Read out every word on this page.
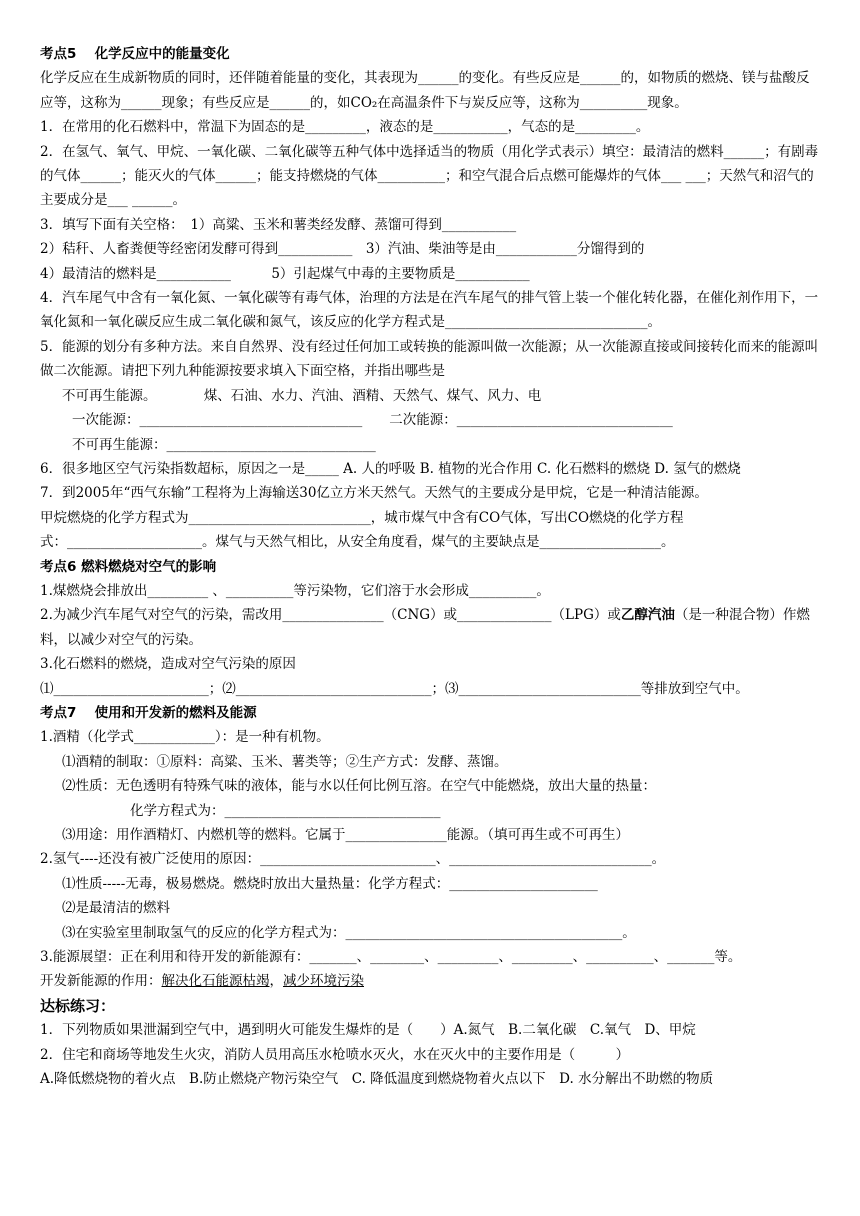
考点5　 化学反应中的能量变化

化学反应在生成新物质的同时，还伴随着能量的变化，其表现为______的变化。有些反应是______的，如物质的燃烧、镁与盐酸反应等，这称为______现象；有些反应是______的，如CO₂在高温条件下与炭反应等，这称为__________现象。

1．在常用的化石燃料中，常温下为固态的是_________，液态的是___________，气态的是_________。

2．在氢气、氧气、甲烷、一氧化碳、二氧化碳等五种气体中选择适当的物质（用化学式表示）填空：最清洁的燃料______；有剧毒的气体______；能灭火的气体______；能支持燃烧的气体__________；和空气混合后点燃可能爆炸的气体___ ___；天然气和沼气的主要成分是___ ______。

3．填写下面有关空格：　1）高粱、玉米和薯类经发酵、蒸馏可得到___________

2）秸秆、人畜粪便等经密闭发酵可得到___________　3）汽油、柴油等是由____________分馏得到的

4）最清洁的燃料是___________　　　5）引起煤气中毒的主要物质是___________

4．汽车尾气中含有一氧化氮、一氧化碳等有毒气体，治理的方法是在汽车尾气的排气管上装一个催化转化器，在催化剂作用下，一氧化氮和一氧化碳反应生成二氧化碳和氮气，该反应的化学方程式是______________________________。

5．能源的划分有多种方法。来自自然界、没有经过任何加工或转换的能源叫做一次能源；从一次能源直接或间接转化而来的能源叫做二次能源。请把下列九种能源按要求填入下面空格，并指出哪些是

不可再生能源。　　　　煤、石油、水力、汽油、酒精、天然气、煤气、风力、电

一次能源：_________________________________　　二次能源：________________________________

不可再生能源：_______________________________

6．很多地区空气污染指数超标，原因之一是_____ A. 人的呼吸 B. 植物的光合作用 C. 化石燃料的燃烧 D. 氢气的燃烧

7．到2005年“西气东输”工程将为上海输送30亿立方米天然气。天然气的主要成分是甲烷，它是一种清洁能源。

甲烷燃烧的化学方程式为___________________________，城市煤气中含有CO气体，写出CO燃烧的化学方程

式：____________________。煤气与天然气相比，从安全角度看，煤气的主要缺点是__________________。

考点6 燃料燃烧对空气的影响

1.煤燃烧会排放出_________ 、__________等污染物，它们溶于水会形成__________。

2.为减少汽车尾气对空气的污染，需改用_______________（CNG）或______________（LPG）或乙醇汽油（是一种混合物）作燃料，以减少对空气的污染。

3.化石燃料的燃烧，造成对空气污染的原因

⑴_______________________；⑵_____________________________；⑶___________________________等排放到空气中。

考点7　 使用和开发新的燃料及能源

1.酒精（化学式____________）：是一种有机物。

⑴酒精的制取：①原料：高粱、玉米、薯类等；②生产方式：发酵、蒸馏。

⑵性质：无色透明有特殊气味的液体，能与水以任何比例互溶。在空气中能燃烧，放出大量的热量：

化学方程式为：________________________________

⑶用途：用作酒精灯、内燃机等的燃料。它属于_______________能源。（填可再生或不可再生）

2.氢气----还没有被广泛使用的原因：__________________________、______________________________。

⑴性质-----无毒，极易燃烧。燃烧时放出大量热量：化学方程式：______________________

⑵是最清洁的燃料

⑶在实验室里制取氢气的反应的化学方程式为：_________________________________________。

3.能源展望：正在利用和待开发的新能源有：_______、________、_________、_________、__________、_______等。

开发新能源的作用：解决化石能源枯竭，减少环境污染

达标练习：

1．下列物质如果泄漏到空气中，遇到明火可能发生爆炸的是（　　）A.氮气　B.二氧化碳　C.氧气　D、甲烷

2．住宅和商场等地发生火灾，消防人员用高压水枪喷水灭火，水在灭火中的主要作用是（　　　）

A.降低燃烧物的着火点　B.防止燃烧产物污染空气　C. 降低温度到燃烧物着火点以下　D. 水分解出不助燃的物质
